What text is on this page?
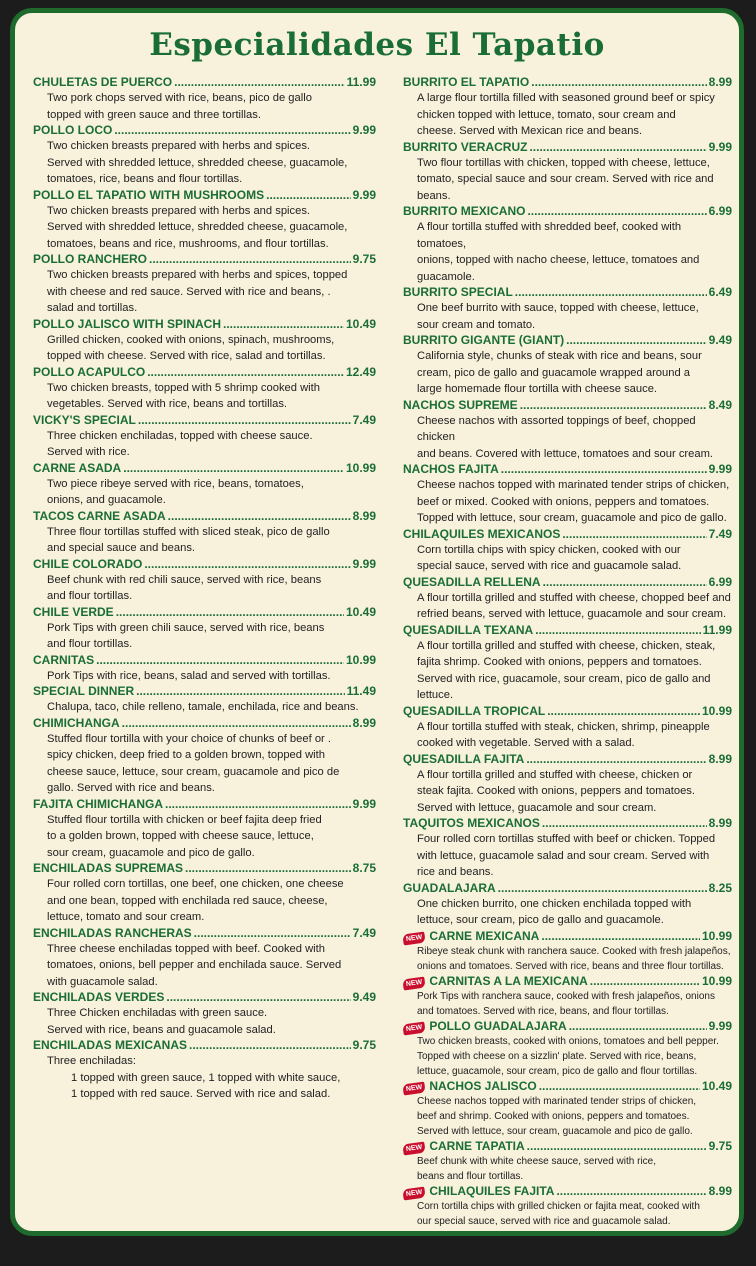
Especialidades El Tapatio
CHULETAS DE PUERCO .....	11.99
Two pork chops served with rice, beans, pico de gallo
topped with green sauce and three tortillas.
POLLO LOCO .....	9.99
Two chicken breasts prepared with herbs and spices.
Served with shredded lettuce, shredded cheese, guacamole,
tomatoes, rice, beans and flour tortillas.
POLLO EL TAPATIO WITH MUSHROOMS .....	9.99
Two chicken breasts prepared with herbs and spices.
Served with shredded lettuce, shredded cheese, guacamole,
tomatoes, beans and rice, mushrooms, and flour tortillas.
POLLO RANCHERO .....	9.75
Two chicken breasts prepared with herbs and spices, topped
with cheese and red sauce. Served with rice and beans, .
salad and tortillas.
POLLO JALISCO WITH SPINACH .....	10.49
Grilled chicken, cooked with onions, spinach, mushrooms,
topped with cheese. Served with rice, salad and tortillas.
POLLO ACAPULCO .....	12.49
Two chicken breasts, topped with 5 shrimp cooked with
vegetables. Served with rice, beans and tortillas.
VICKY'S SPECIAL .....	7.49
Three chicken enchiladas, topped with cheese sauce.
Served with rice.
CARNE ASADA .....	10.99
Two piece ribeye served with rice, beans, tomatoes,
onions, and guacamole.
TACOS CARNE ASADA .....	8.99
Three flour tortillas stuffed with sliced steak, pico de gallo
and special sauce and beans.
CHILE COLORADO .....	9.99
Beef chunk with red chili sauce, served with rice, beans
and flour tortillas.
CHILE VERDE .....	10.49
Pork Tips with green chili sauce, served with rice, beans
and flour tortillas.
CARNITAS .....	10.99
Pork Tips with rice, beans, salad and served with tortillas.
SPECIAL DINNER .....	11.49
Chalupa, taco, chile relleno, tamale, enchilada, rice and beans.
CHIMICHANGA .....	8.99
Stuffed flour tortilla with your choice of chunks of beef or .
spicy chicken, deep fried to a golden brown, topped with
cheese sauce, lettuce, sour cream, guacamole and pico de
gallo. Served with rice and beans.
FAJITA CHIMICHANGA .....	9.99
Stuffed flour tortilla with chicken or beef fajita deep fried
to a golden brown, topped with cheese sauce, lettuce,
sour cream, guacamole and pico de gallo.
ENCHILADAS SUPREMAS .....	8.75
Four rolled corn tortillas, one beef, one chicken, one cheese
and one bean, topped with enchilada red sauce, cheese,
lettuce, tomato and sour cream.
ENCHILADAS RANCHERAS .....	7.49
Three cheese enchiladas topped with beef. Cooked with
tomatoes, onions, bell pepper and enchilada sauce. Served
with guacamole salad.
ENCHILADAS VERDES .....	9.49
Three Chicken enchiladas with green sauce.
Served with rice, beans and guacamole salad.
ENCHILADAS MEXICANAS .....	9.75
Three enchiladas:
1 topped with green sauce, 1 topped with white sauce,
1 topped with red sauce. Served with rice and salad.
BURRITO EL TAPATIO .....	8.99
A large flour tortilla filled with seasoned ground beef or spicy
chicken topped with lettuce, tomato, sour cream and
cheese. Served with Mexican rice and beans.
BURRITO VERACRUZ .....	9.99
Two flour tortillas with chicken, topped with cheese, lettuce,
tomato, special sauce and sour cream. Served with rice and beans.
BURRITO MEXICANO .....	6.99
A flour tortilla stuffed with shredded beef, cooked with tomatoes,
onions, topped with nacho cheese, lettuce, tomatoes and guacamole.
BURRITO SPECIAL .....	6.49
One beef burrito with sauce, topped with cheese, lettuce,
sour cream and tomato.
BURRITO GIGANTE (GIANT) .....	9.49
California style, chunks of steak with rice and beans, sour
cream, pico de gallo and guacamole wrapped around a
large homemade flour tortilla with cheese sauce.
NACHOS SUPREME .....	8.49
Cheese nachos with assorted toppings of beef, chopped chicken
and beans. Covered with lettuce, tomatoes and sour cream.
NACHOS FAJITA .....	9.99
Cheese nachos topped with marinated tender strips of chicken,
beef or mixed. Cooked with onions, peppers and tomatoes.
Topped with lettuce, sour cream, guacamole and pico de gallo.
CHILAQUILES MEXICANOS .....	7.49
Corn tortilla chips with spicy chicken, cooked with our
special sauce, served with rice and guacamole salad.
QUESADILLA RELLENA .....	6.99
A flour tortilla grilled and stuffed with cheese, chopped beef and
refried beans, served with lettuce, guacamole and sour cream.
QUESADILLA TEXANA .....	11.99
A flour tortilla grilled and stuffed with cheese, chicken, steak,
fajita shrimp. Cooked with onions, peppers and tomatoes.
Served with rice, guacamole, sour cream, pico de gallo and lettuce.
QUESADILLA TROPICAL .....	10.99
A flour tortilla stuffed with steak, chicken, shrimp, pineapple
cooked with vegetable. Served with a salad.
QUESADILLA FAJITA .....	8.99
A flour tortilla grilled and stuffed with cheese, chicken or
steak fajita. Cooked with onions, peppers and tomatoes.
Served with lettuce, guacamole and sour cream.
TAQUITOS MEXICANOS .....	8.99
Four rolled corn tortillas stuffed with beef or chicken. Topped
with lettuce, guacamole salad and sour cream. Served with
rice and beans.
GUADALAJARA .....	8.25
One chicken burrito, one chicken enchilada topped with
lettuce, sour cream, pico de gallo and guacamole.
NEW CARNE MEXICANA .....	10.99
Ribeye steak chunk with ranchera sauce. Cooked with fresh jalapeños,
onions and tomatoes. Served with rice, beans and three flour tortillas.
NEW CARNITAS A LA MEXICANA .....	10.99
Pork Tips with ranchera sauce, cooked with fresh jalapeños, onions
and tomatoes. Served with rice, beans, and flour tortillas.
NEW POLLO GUADALAJARA .....	9.99
Two chicken breasts, cooked with onions, tomatoes and bell pepper.
Topped with cheese on a sizzlin' plate. Served with rice, beans,
lettuce, guacamole, sour cream, pico de gallo and flour tortillas.
NEW NACHOS JALISCO .....	10.49
Cheese nachos topped with marinated tender strips of chicken,
beef and shrimp. Cooked with onions, peppers and tomatoes.
Served with lettuce, sour cream, guacamole and pico de gallo.
NEW CARNE TAPATIA .....	9.75
Beef chunk with white cheese sauce, served with rice,
beans and flour tortillas.
NEW CHILAQUILES FAJITA .....	8.99
Corn tortilla chips with grilled chicken or fajita meat, cooked with
our special sauce, served with rice and guacamole salad.
